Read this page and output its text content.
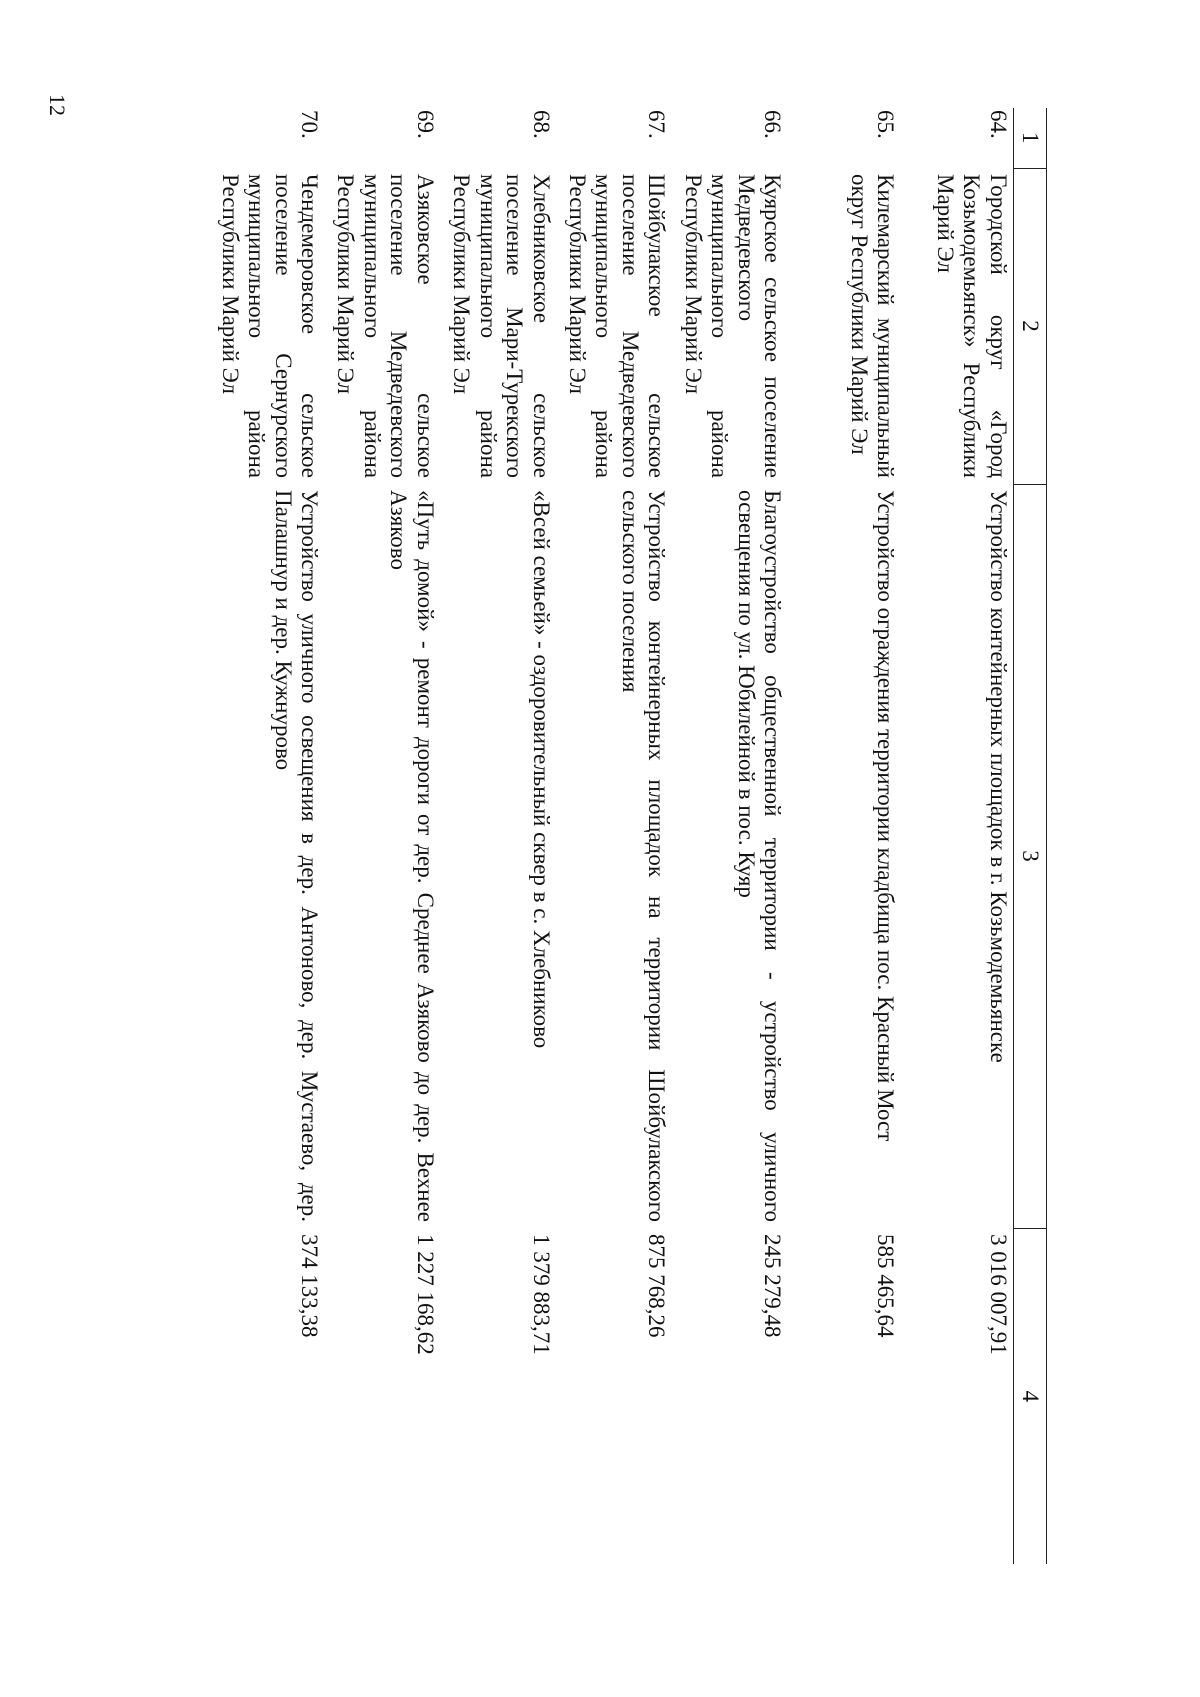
12
1	2	3	4
64.	Городской округ «Город Козьмодемьянск» Республики Марий Эл	Устройство контейнерных площадок в г. Козьмодемьянске	3 016 007,91
65.	Килемарский муниципальный округ Республики Марий Эл	Устройство ограждения территории кладбища пос. Красный Мост	585 465,64
66.	Куярское сельское поселение Медведевского муниципального района Республики Марий Эл	Благоустройство общественной территории - устройство уличного освещения по ул. Юбилейной в пос. Куяр	245 279,48
67.	Шойбулакское сельское поселение Медведевского муниципального района Республики Марий Эл	Устройство контейнерных площадок на территории Шойбулакского сельского поселения	875 768,26
68.	Хлебниковское сельское поселение Мари-Турекского муниципального района Республики Марий Эл	«Всей семьей» - оздоровительный сквер в с. Хлебниково	1 379 883,71
69.	Азяковское сельское поселение Медведевского муниципального района Республики Марий Эл	«Путь домой» - ремонт дороги от дер. Среднее Азяково до дер. Вехнее Азяково	1 227 168,62
70.	Чендемеровское сельское поселение Сернурского муниципального района Республики Марий Эл	Устройство уличного освещения в дер. Антоново, дер. Мустаево, дер. Палашнур и дер. Кужнурово	374 133,38
